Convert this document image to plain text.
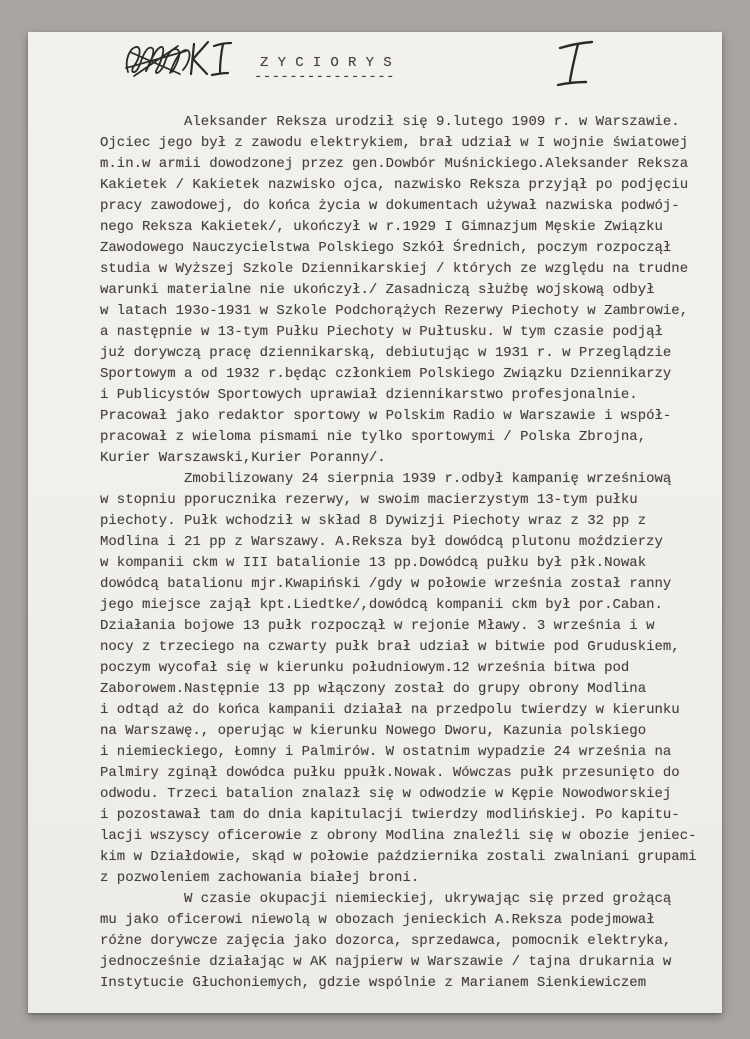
Z Y C I O R Y S
----------------
Aleksander Reksza urodził się 9.lutego 1909 r. w Warszawie.
Ojciec jego był z zawodu elektrykiem, brał udział w I wojnie światowej
m.in.w armii dowodzonej przez gen.Dowbór Muśnickiego.Aleksander Reksza
Kakietek / Kakietek nazwisko ojca, nazwisko Reksza przyjął po podjęciu
pracy zawodowej, do końca życia w dokumentach używał nazwiska podwój-
nego Reksza Kakietek/, ukończył w r.1929 I Gimnazjum Męskie Związku
Zawodowego Nauczycielstwa Polskiego Szkół Średnich, poczym rozpoczął
studia w Wyższej Szkole Dziennikarskiej / których ze względu na trudne
warunki materialne nie ukończył./ Zasadniczą służbę wojskową odbył
w latach 193o-1931 w Szkole Podchorążych Rezerwy Piechoty w Zambrowie,
a następnie w 13-tym Pułku Piechoty w Pułtusku. W tym czasie podjął
już dorywczą pracę dziennikarską, debiutując w 1931 r. w Przeglądzie
Sportowym a od 1932 r.będąc członkiem Polskiego Związku Dziennikarzy
i Publicystów Sportowych uprawiał dziennikarstwo profesjonalnie.
Pracował jako redaktor sportowy w Polskim Radio w Warszawie i współ-
pracował z wieloma pismami nie tylko sportowymi / Polska Zbrojna,
Kurier Warszawski,Kurier Poranny/.
Zmobilizowany 24 sierpnia 1939 r.odbył kampanię wrześniową
w stopniu pporucznika rezerwy, w swoim macierzystym 13-tym pułku
piechoty. Pułk wchodził w skład 8 Dywizji Piechoty wraz z 32 pp z
Modlina i 21 pp z Warszawy. A.Reksza był dowódcą plutonu moździerzy
w kompanii ckm w III batalionie 13 pp.Dowódcą pułku był płk.Nowak
dowódcą batalionu mjr.Kwapiński /gdy w połowie września został ranny
jego miejsce zajął kpt.Liedtke/,dowódcą kompanii ckm był por.Caban.
Działania bojowe 13 pułk rozpoczął w rejonie Mławy. 3 września i w
nocy z trzeciego na czwarty pułk brał udział w bitwie pod Gruduskiem,
poczym wycofał się w kierunku południowym.12 września bitwa pod
Zaborowem.Następnie 13 pp włączony został do grupy obrony Modlina
i odtąd aż do końca kampanii działał na przedpolu twierdzy w kierunku
na Warszawę., operując w kierunku Nowego Dworu, Kazunia polskiego
i niemieckiego, Łomny i Palmirów. W ostatnim wypadzie 24 września na
Palmiry zginął dowódca pułku ppułk.Nowak. Wówczas pułk przesunięto do
odwodu. Trzeci batalion znalazł się w odwodzie w Kępie Nowodworskiej
i pozostawał tam do dnia kapitulacji twierdzy modlińskiej. Po kapitu-
lacji wszyscy oficerowie z obrony Modlina znaleźli się w obozie jeniec-
kim w Działdowie, skąd w połowie października zostali zwalniani grupami
z pozwoleniem zachowania białej broni.
W czasie okupacji niemieckiej, ukrywając się przed grożącą
mu jako oficerowi niewolą w obozach jenieckich A.Reksza podejmował
różne dorywcze zajęcia jako dozorca, sprzedawca, pomocnik elektryka,
jednocześnie działając w AK najpierw w Warszawie / tajna drukarnia w
Instytucie Głuchoniemych, gdzie wspólnie z Marianem Sienkiewiczem
